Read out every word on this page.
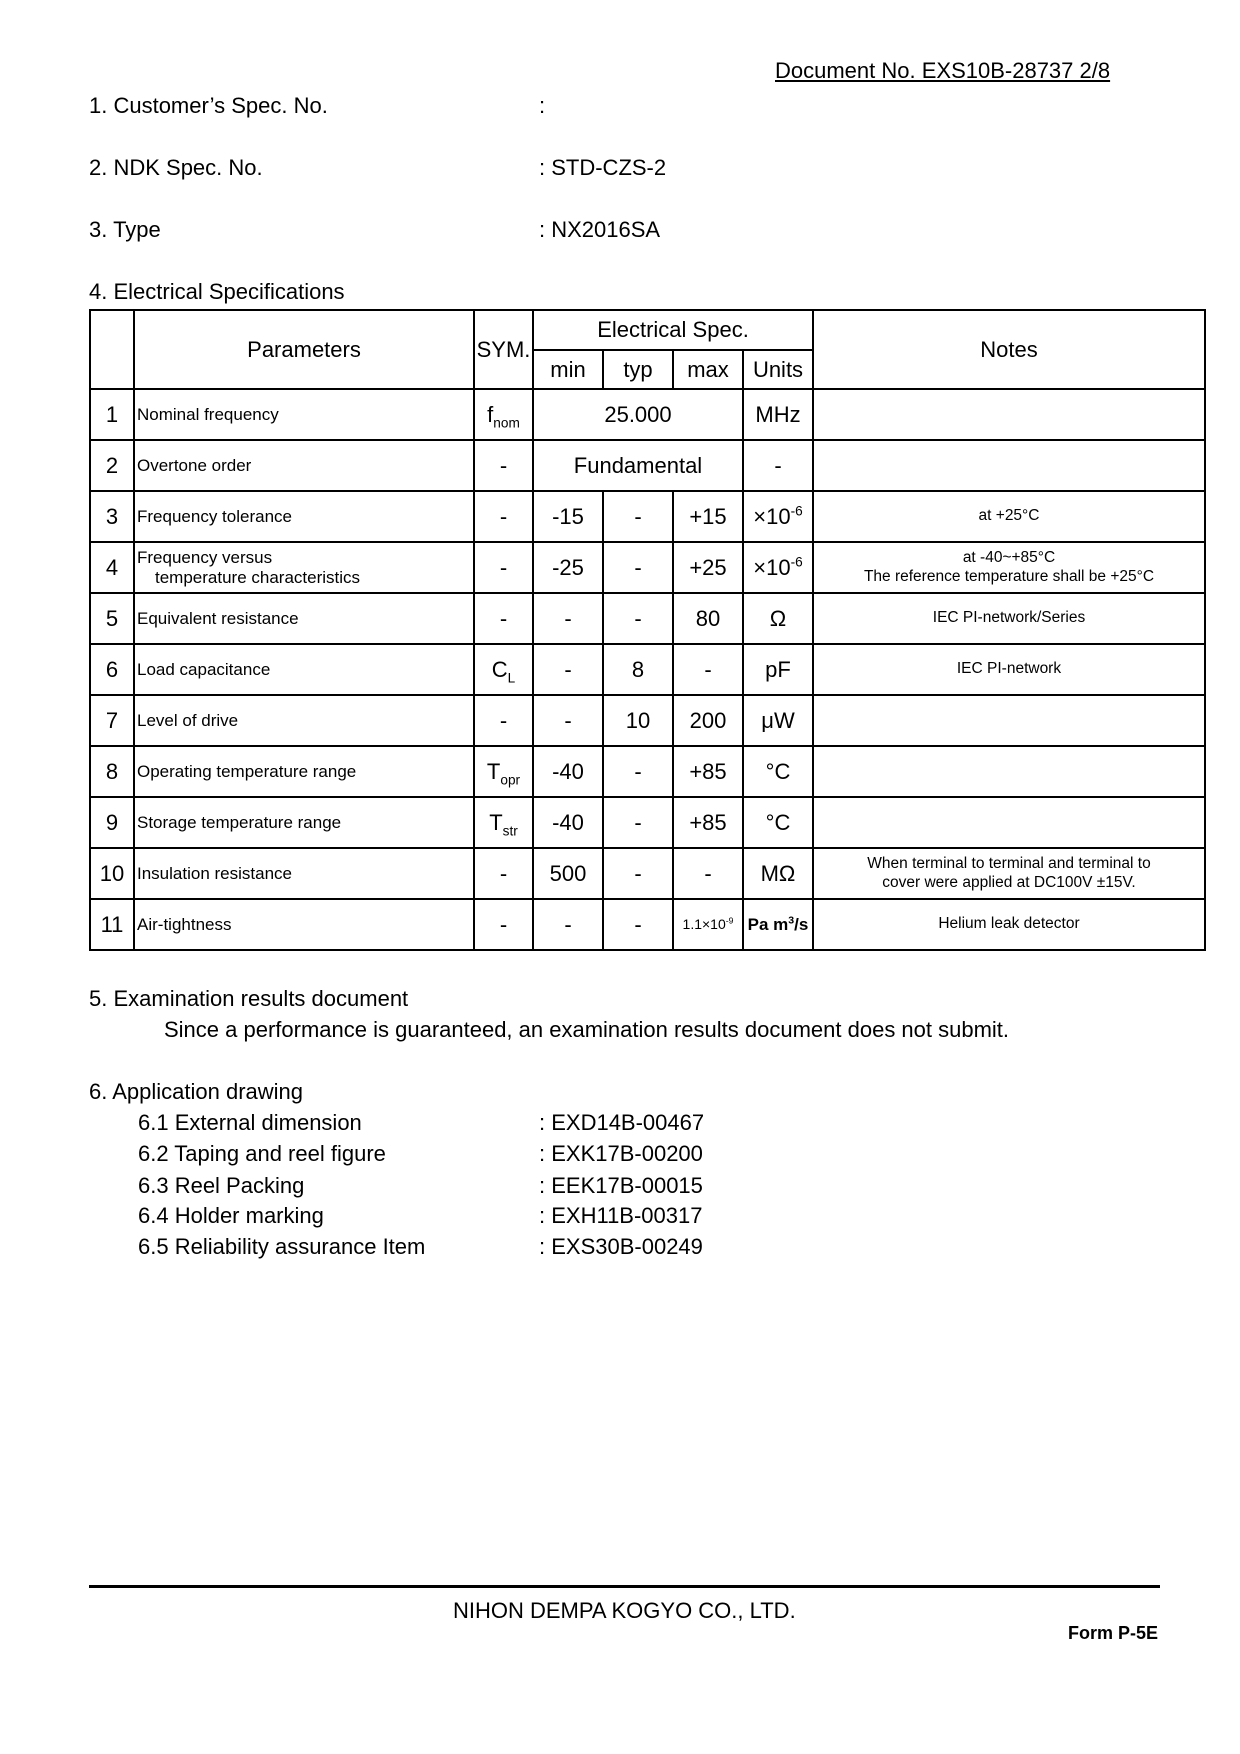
Document No. EXS10B-28737 2/8
1. Customer’s Spec. No.	:
2. NDK Spec. No.	: STD-CZS-2
3. Type	: NX2016SA
4. Electrical Specifications
	Parameters	SYM.	Electrical Spec.				Notes
			min	typ	max	Units	
1	Nominal frequency	$f_{nom}$	25.000			MHz	
2	Overtone order	-	Fundamental			-	
3	Frequency tolerance	-	-15	-	+15	$\times 10^{-6}$	at +25°C
4	Frequency versus
temperature characteristics	-	-25	-	+25	$\times 10^{-6}$	at -40~+85°C
The reference temperature shall be +25°C

5	Equivalent resistance	-	-	-	80	Ω	IEC PI-network/Series
6	Load capacitance	$C_L$	-	8	-	pF	IEC PI-network
7	Level of drive	-	-	10	200	μW	
8	Operating temperature range	$T_{opr}$	-40	-	+85	°C	
9	Storage temperature range	$T_{str}$	-40	-	+85	°C	
10	Insulation resistance	-	500	-	-	MΩ	When terminal to terminal and terminal to
cover were applied at DC100V ±15V.

11	Air-tightness	-	-	-	$1.1\times 10^{-9}$	Pa $m^3/s$	Helium leak detector
5. Examination results document
Since a performance is guaranteed, an examination results document does not submit.
6. Application drawing
6.1 External dimension	: EXD14B-00467
6.2 Taping and reel figure	: EXK17B-00200
6.3 Reel Packing	: EEK17B-00015
6.4 Holder marking	: EXH11B-00317
6.5 Reliability assurance Item	: EXS30B-00249
NIHON DEMPA KOGYO CO., LTD.
Form P-5E
